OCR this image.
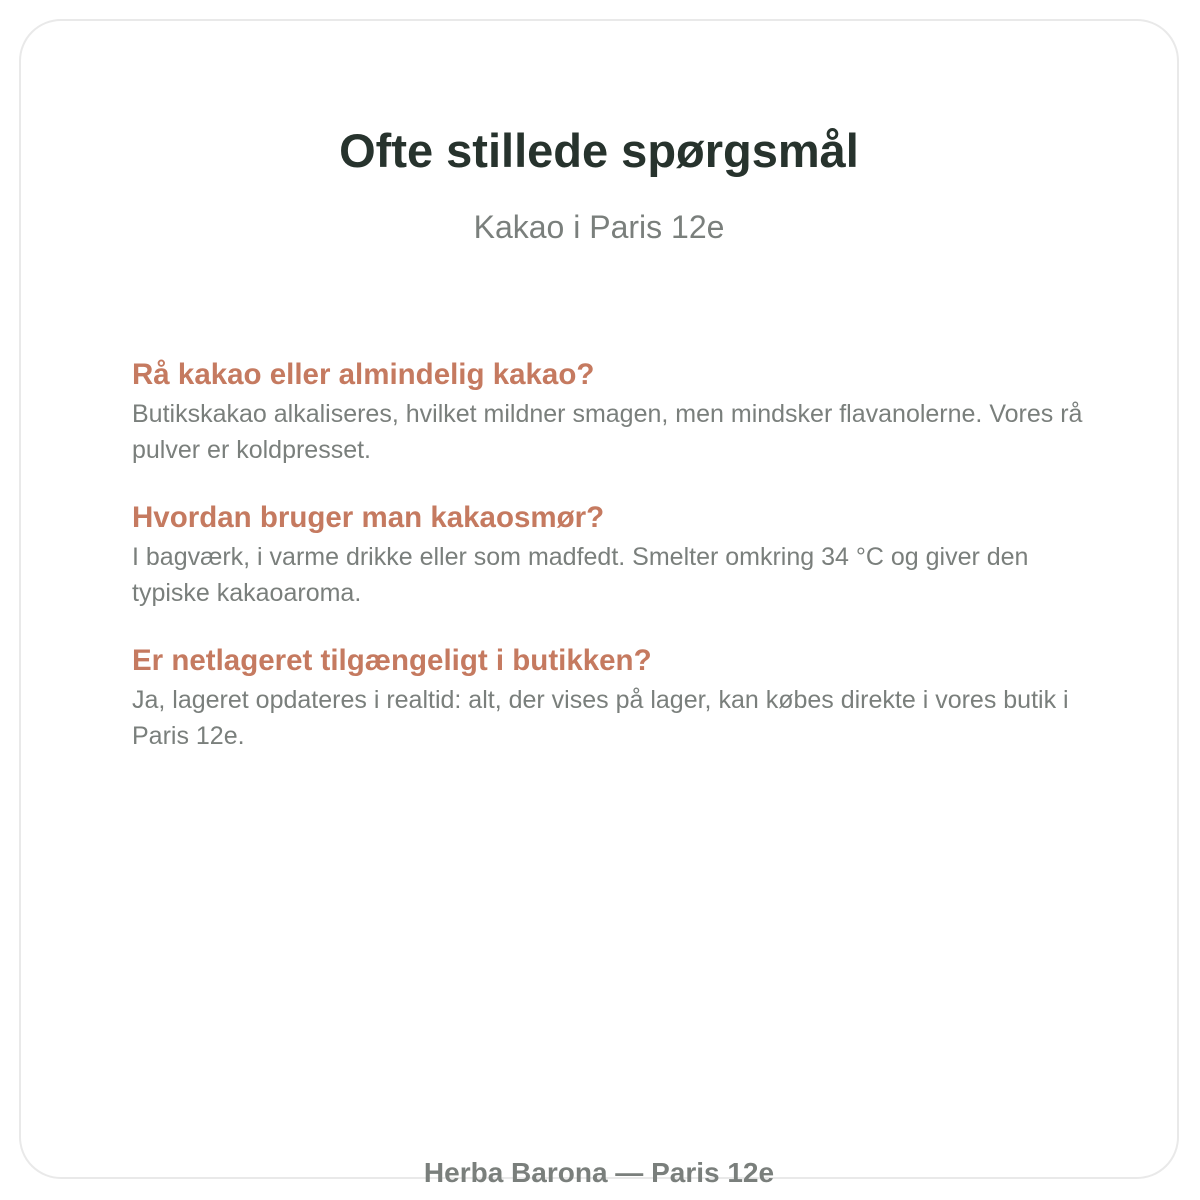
Ofte stillede spørgsmål
Kakao i Paris 12e
Rå kakao eller almindelig kakao?

Butikskakao alkaliseres, hvilket mildner smagen, men mindsker flavanolerne. Vores rå pulver er koldpresset.

Hvordan bruger man kakaosmør?

I bagværk, i varme drikke eller som madfedt. Smelter omkring 34 °C og giver den typiske kakaoaroma.

Er netlageret tilgængeligt i butikken?

Ja, lageret opdateres i realtid: alt, der vises på lager, kan købes direkte i vores butik i Paris 12e.

Herba Barona — Paris 12e
